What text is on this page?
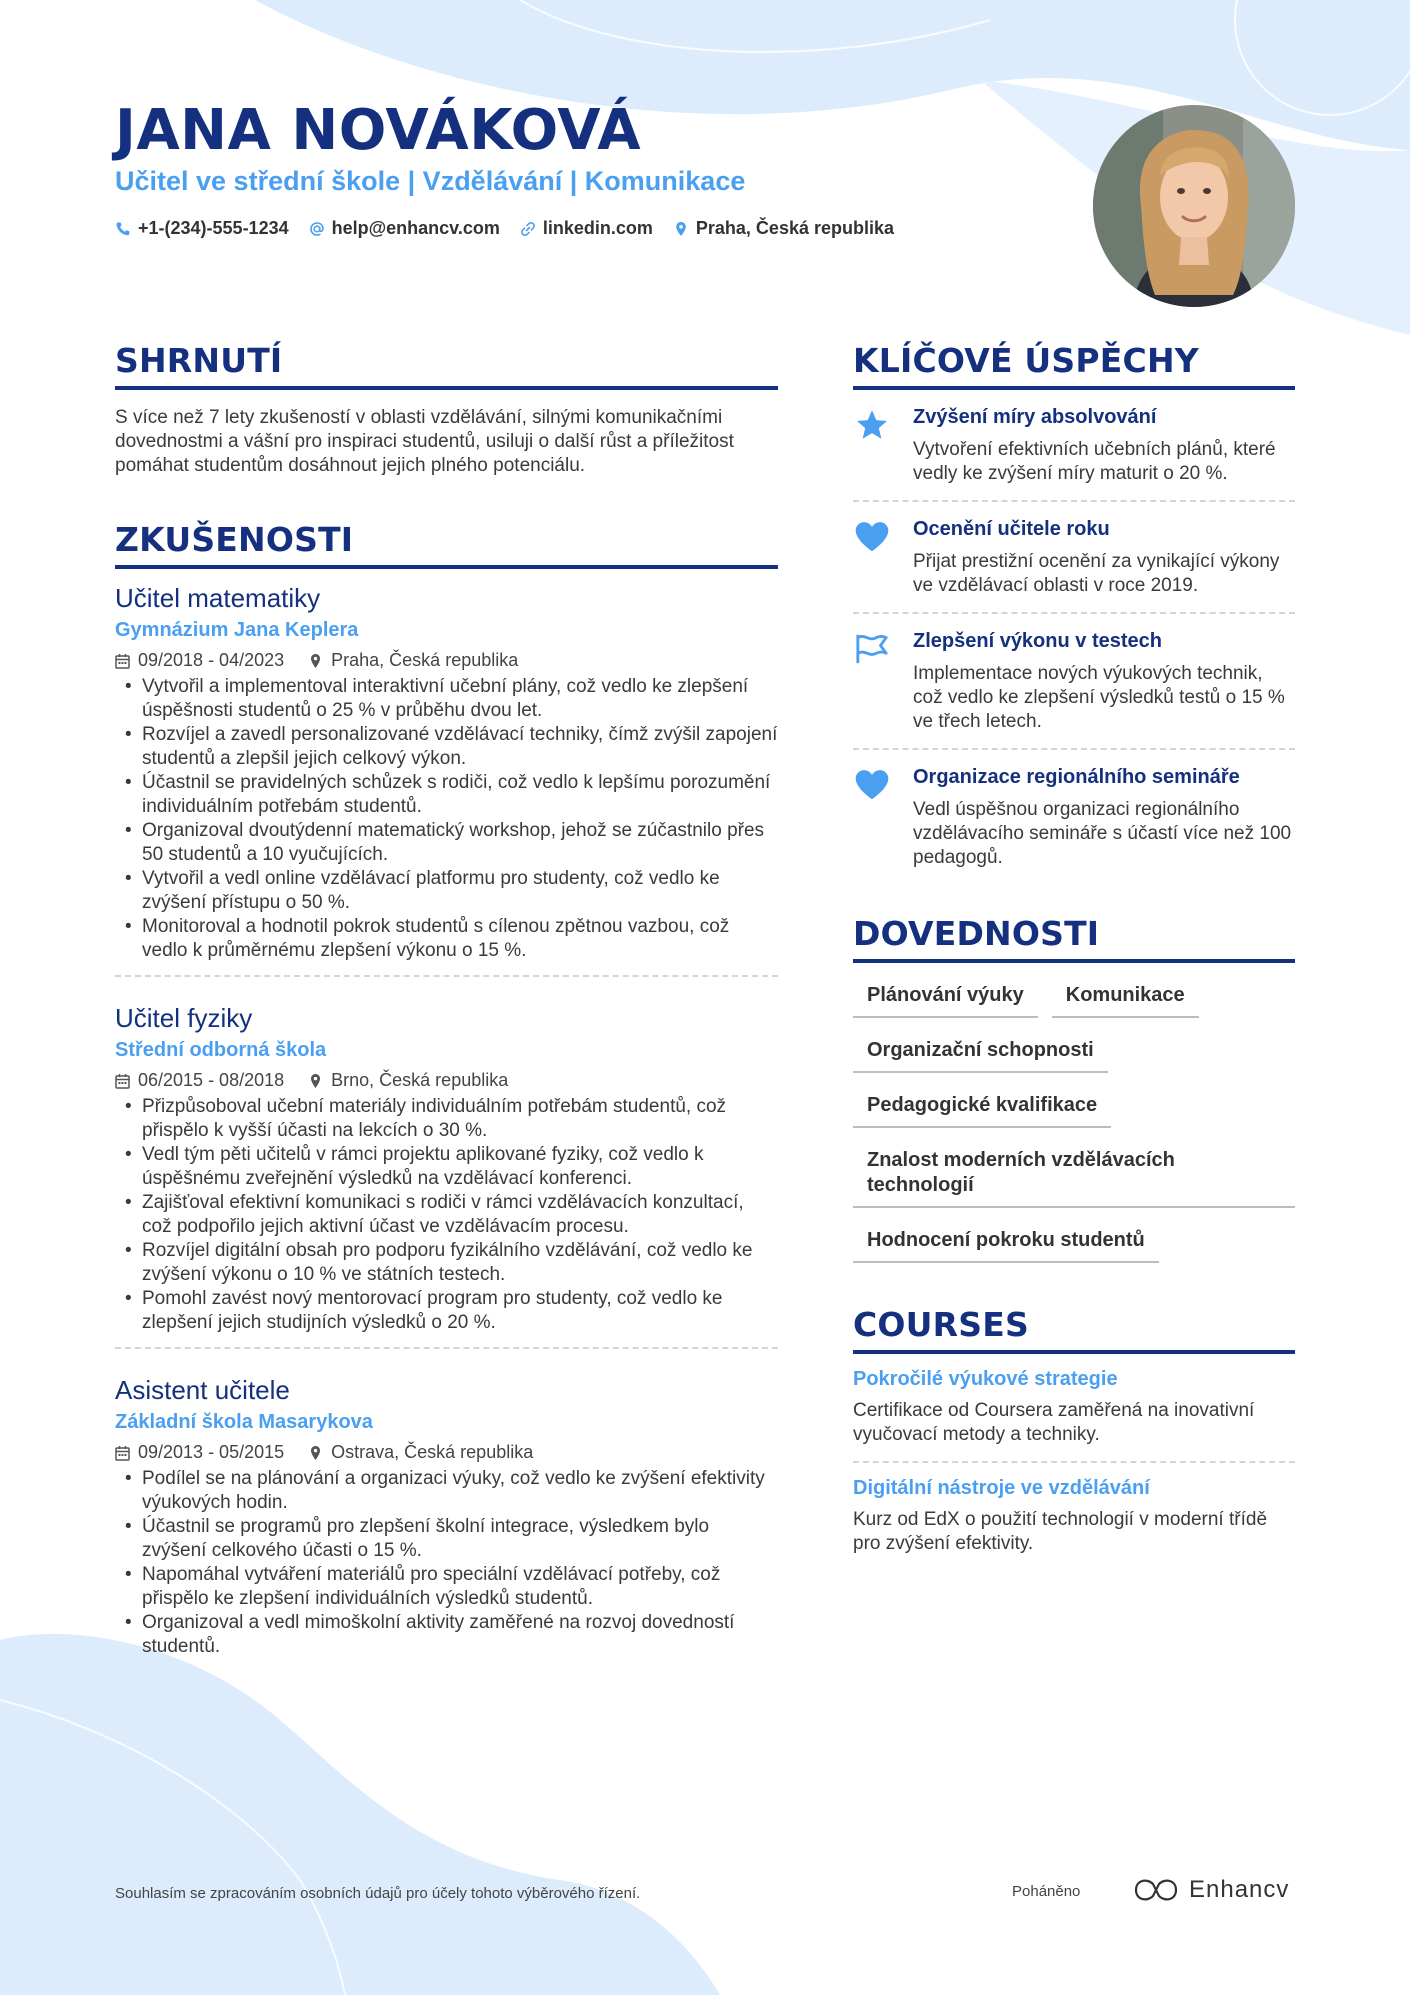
JANA NOVÁKOVÁ
Učitel ve střední škole | Vzdělávání | Komunikace
+1-(234)-555-1234 help@enhancv.com linkedin.com Praha, Česká republika
SHRNUTÍ
S více než 7 lety zkušeností v oblasti vzdělávání, silnými komunikačními dovednostmi a vášní pro inspiraci studentů, usiluji o další růst a příležitost pomáhat studentům dosáhnout jejich plného potenciálu.
ZKUŠENOSTI
Učitel matematiky
Gymnázium Jana Keplera
09/2018 - 04/2023	Praha, Česká republika
• Vytvořil a implementoval interaktivní učební plány, což vedlo ke zlepšení úspěšnosti studentů o 25 % v průběhu dvou let.
• Rozvíjel a zavedl personalizované vzdělávací techniky, čímž zvýšil zapojení studentů a zlepšil jejich celkový výkon.
• Účastnil se pravidelných schůzek s rodiči, což vedlo k lepšímu porozumění individuálním potřebám studentů.
• Organizoval dvoutýdenní matematický workshop, jehož se zúčastnilo přes 50 studentů a 10 vyučujících.
• Vytvořil a vedl online vzdělávací platformu pro studenty, což vedlo ke zvýšení přístupu o 50 %.
• Monitoroval a hodnotil pokrok studentů s cílenou zpětnou vazbou, což vedlo k průměrnému zlepšení výkonu o 15 %.
Učitel fyziky
Střední odborná škola
06/2015 - 08/2018	Brno, Česká republika
• Přizpůsoboval učební materiály individuálním potřebám studentů, což přispělo k vyšší účasti na lekcích o 30 %.
• Vedl tým pěti učitelů v rámci projektu aplikované fyziky, což vedlo k úspěšnému zveřejnění výsledků na vzdělávací konferenci.
• Zajišťoval efektivní komunikaci s rodiči v rámci vzdělávacích konzultací, což podpořilo jejich aktivní účast ve vzdělávacím procesu.
• Rozvíjel digitální obsah pro podporu fyzikálního vzdělávání, což vedlo ke zvýšení výkonu o 10 % ve státních testech.
• Pomohl zavést nový mentorovací program pro studenty, což vedlo ke zlepšení jejich studijních výsledků o 20 %.
Asistent učitele
Základní škola Masarykova
09/2013 - 05/2015	Ostrava, Česká republika
• Podílel se na plánování a organizaci výuky, což vedlo ke zvýšení efektivity výukových hodin.
• Účastnil se programů pro zlepšení školní integrace, výsledkem bylo zvýšení celkového účasti o 15 %.
• Napomáhal vytváření materiálů pro speciální vzdělávací potřeby, což přispělo ke zlepšení individuálních výsledků studentů.
• Organizoval a vedl mimoškolní aktivity zaměřené na rozvoj dovedností studentů.
KLÍČOVÉ ÚSPĚCHY
Zvýšení míry absolvování
Vytvoření efektivních učebních plánů, které vedly ke zvýšení míry maturit o 20 %.
Ocenění učitele roku
Přijat prestižní ocenění za vynikající výkony ve vzdělávací oblasti v roce 2019.
Zlepšení výkonu v testech
Implementace nových výukových technik, což vedlo ke zlepšení výsledků testů o 15 % ve třech letech.
Organizace regionálního semináře
Vedl úspěšnou organizaci regionálního vzdělávacího semináře s účastí více než 100 pedagogů.
DOVEDNOSTI
Plánování výuky	Komunikace
Organizační schopnosti
Pedagogické kvalifikace
Znalost moderních vzdělávacích technologií
Hodnocení pokroku studentů
COURSES
Pokročilé výukové strategie
Certifikace od Coursera zaměřená na inovativní vyučovací metody a techniky.
Digitální nástroje ve vzdělávání
Kurz od EdX o použití technologií v moderní třídě pro zvýšení efektivity.
Souhlasím se zpracováním osobních údajů pro účely tohoto výběrového řízení.	Poháněno	Enhancv
